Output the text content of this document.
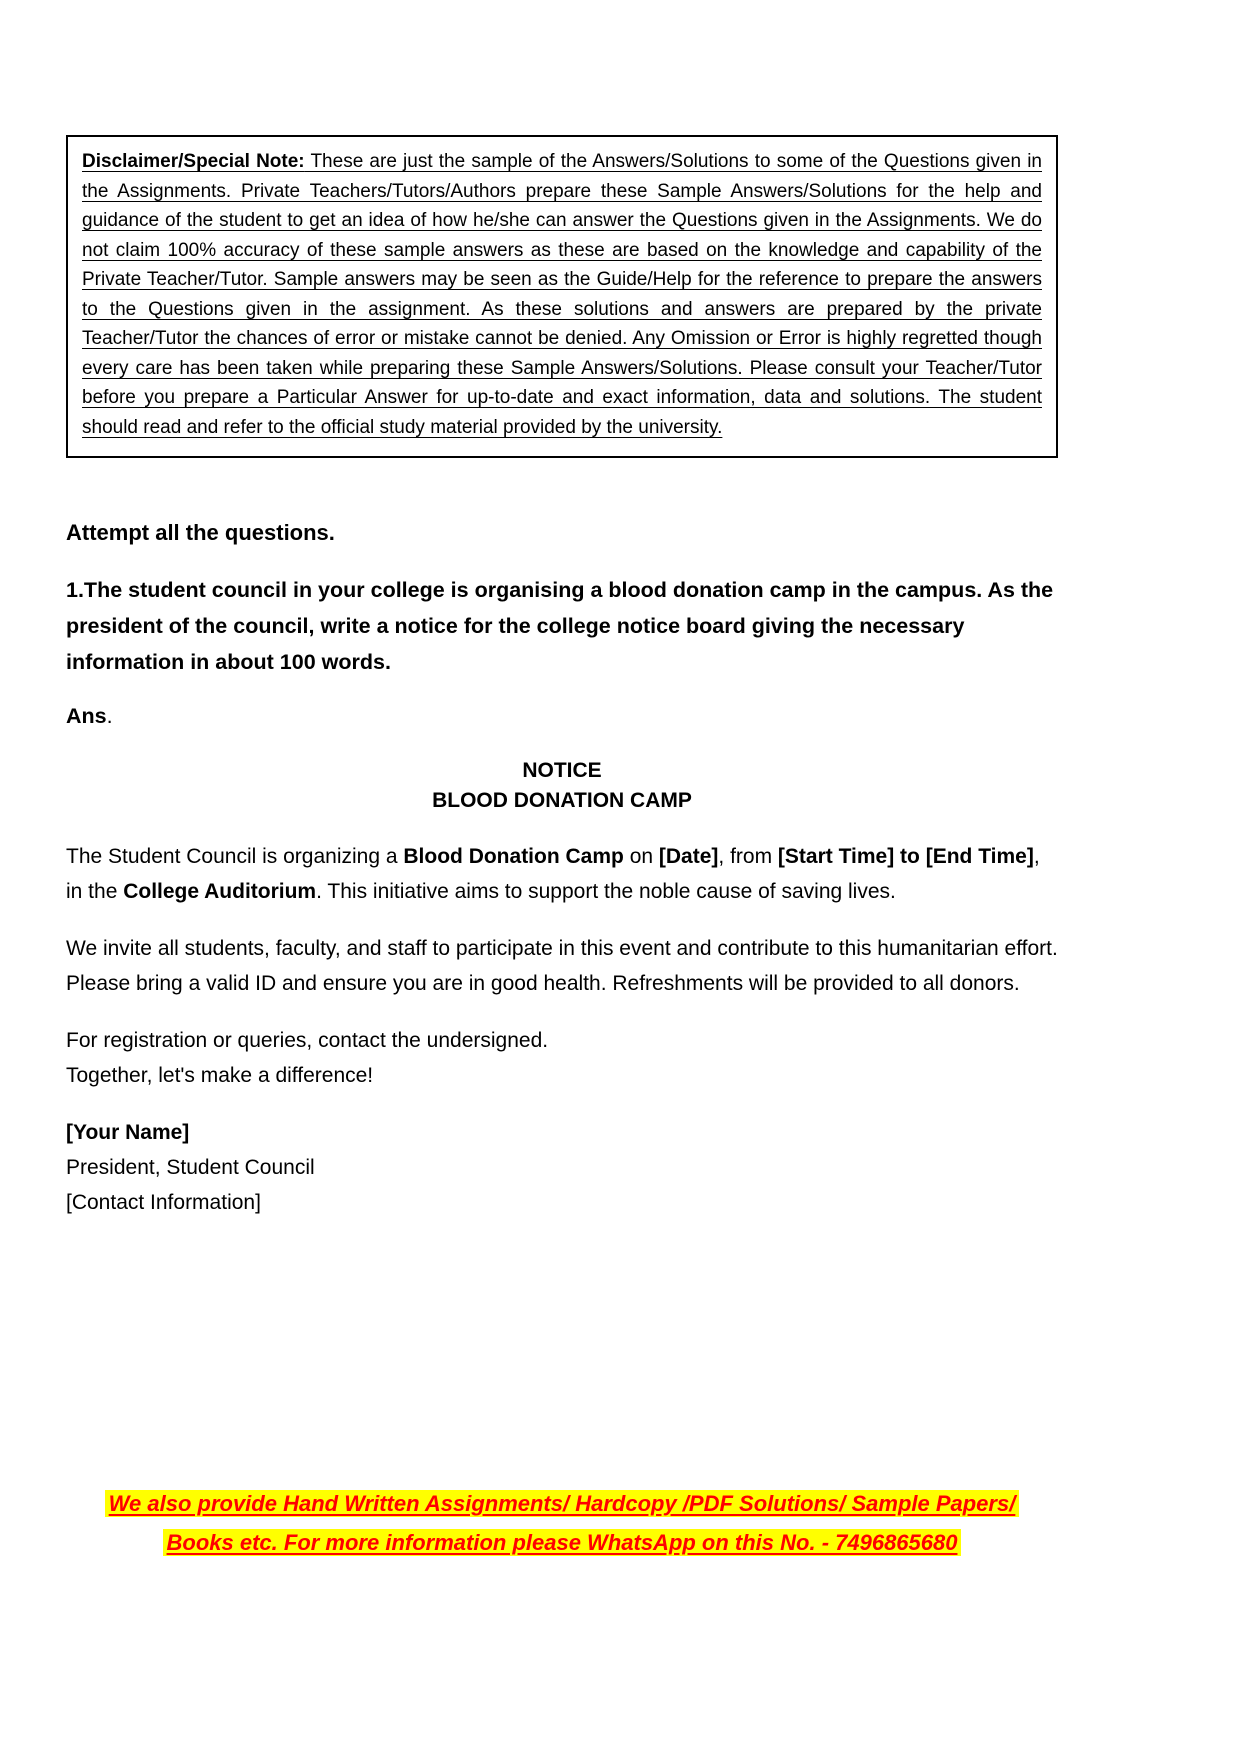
Disclaimer/Special Note: These are just the sample of the Answers/Solutions to some of the Questions given in the Assignments. Private Teachers/Tutors/Authors prepare these Sample Answers/Solutions for the help and guidance of the student to get an idea of how he/she can answer the Questions given in the Assignments. We do not claim 100% accuracy of these sample answers as these are based on the knowledge and capability of the Private Teacher/Tutor. Sample answers may be seen as the Guide/Help for the reference to prepare the answers to the Questions given in the assignment. As these solutions and answers are prepared by the private Teacher/Tutor the chances of error or mistake cannot be denied. Any Omission or Error is highly regretted though every care has been taken while preparing these Sample Answers/Solutions. Please consult your Teacher/Tutor before you prepare a Particular Answer for up-to-date and exact information, data and solutions. The student should read and refer to the official study material provided by the university.

Attempt all the questions.

1.The student council in your college is organising a blood donation camp in the campus. As the president of the council, write a notice for the college notice board giving the necessary information in about 100 words.

Ans.

NOTICE

BLOOD DONATION CAMP

The Student Council is organizing a Blood Donation Camp on [Date], from [Start Time] to [End Time], in the College Auditorium. This initiative aims to support the noble cause of saving lives.

We invite all students, faculty, and staff to participate in this event and contribute to this humanitarian effort. Please bring a valid ID and ensure you are in good health. Refreshments will be provided to all donors.

For registration or queries, contact the undersigned.
Together, let's make a difference!

[Your Name]
President, Student Council
[Contact Information]

We also provide Hand Written Assignments/ Hardcopy /PDF Solutions/ Sample Papers/
Books etc. For more information please WhatsApp on this No. - 7496865680
